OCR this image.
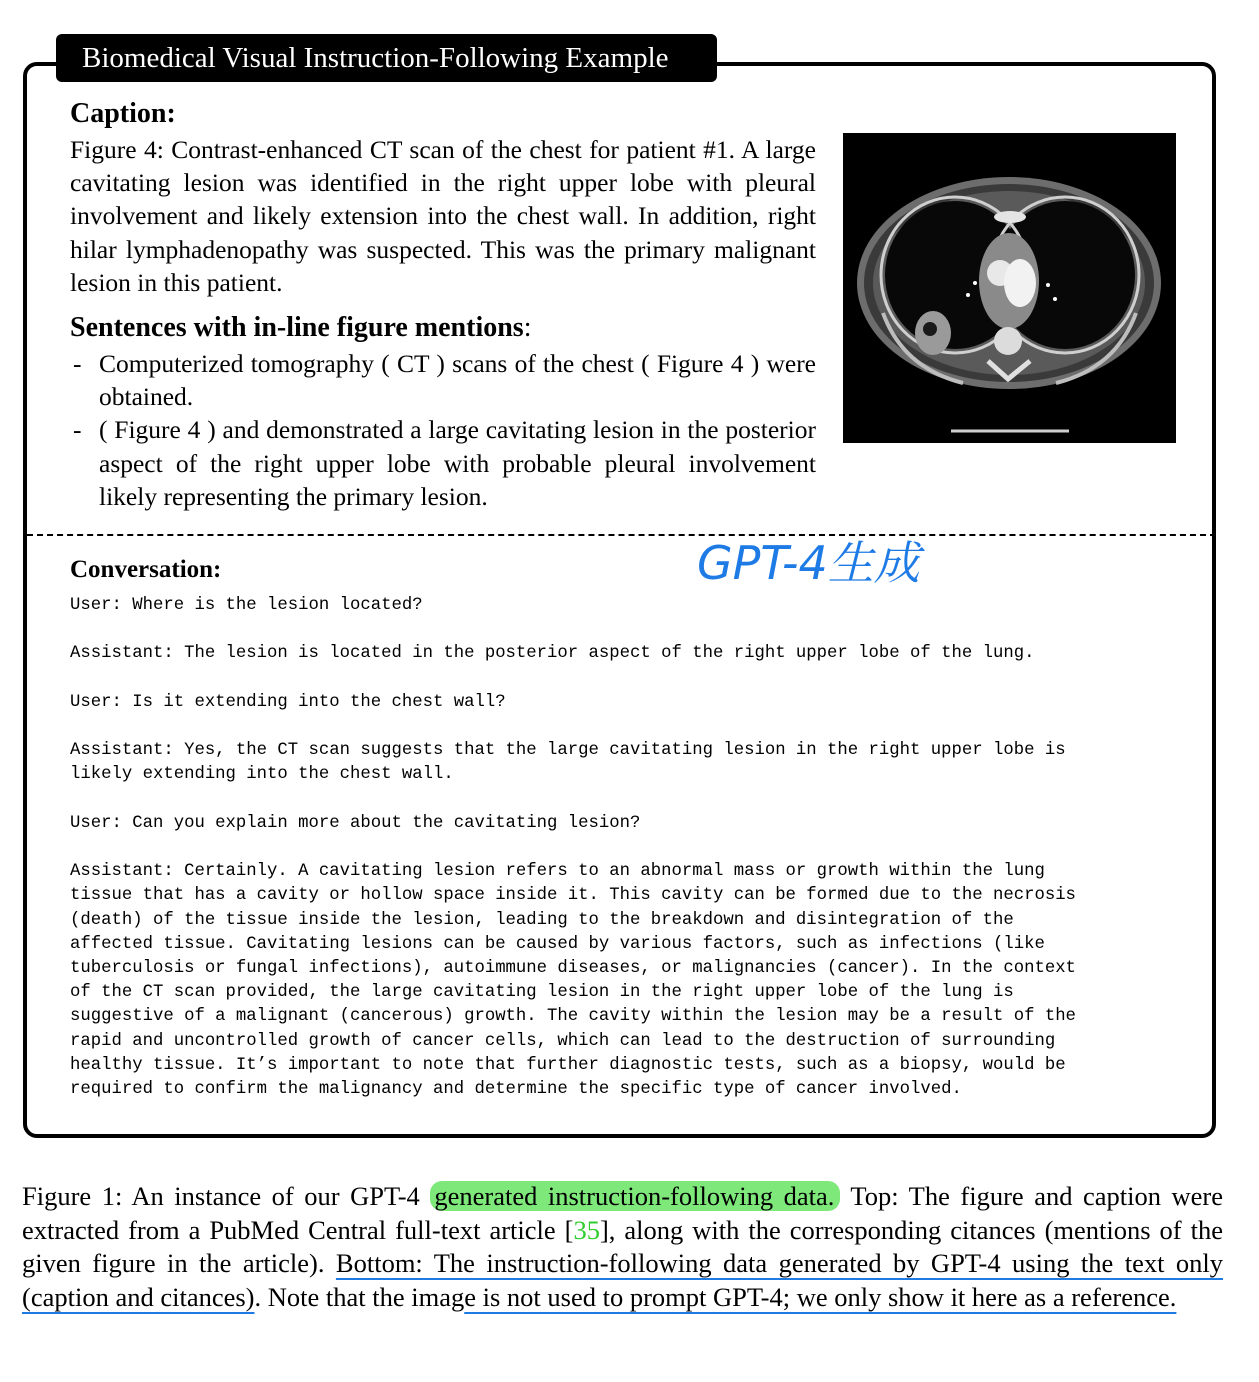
Biomedical Visual Instruction-Following Example
Caption:
Figure 4: Contrast-enhanced CT scan of the chest for patient #1. A large cavitating lesion was identified in the right upper lobe with pleural involvement and likely extension into the chest wall. In addition, right hilar lymphadenopathy was suspected. This was the primary malignant lesion in this patient.
Sentences with in-line figure mentions:
- Computerized tomography ( CT ) scans of the chest ( Figure 4 ) were obtained.
- ( Figure 4 ) and demonstrated a large cavitating lesion in the posterior aspect of the right upper lobe with probable pleural involvement likely representing the primary lesion.
GPT-4生成
Conversation:

User: Where is the lesion located?

Assistant: The lesion is located in the posterior aspect of the right upper lobe of the lung.

User: Is it extending into the chest wall?

Assistant: Yes, the CT scan suggests that the large cavitating lesion in the right upper lobe is
likely extending into the chest wall.

User: Can you explain more about the cavitating lesion?

Assistant: Certainly. A cavitating lesion refers to an abnormal mass or growth within the lung
tissue that has a cavity or hollow space inside it. This cavity can be formed due to the necrosis
(death) of the tissue inside the lesion, leading to the breakdown and disintegration of the
affected tissue. Cavitating lesions can be caused by various factors, such as infections (like
tuberculosis or fungal infections), autoimmune diseases, or malignancies (cancer). In the context
of the CT scan provided, the large cavitating lesion in the right upper lobe of the lung is
suggestive of a malignant (cancerous) growth. The cavity within the lesion may be a result of the
rapid and uncontrolled growth of cancer cells, which can lead to the destruction of surrounding
healthy tissue. It’s important to note that further diagnostic tests, such as a biopsy, would be
required to confirm the malignancy and determine the specific type of cancer involved.

Figure 1: An instance of our GPT-4 generated instruction-following data. Top: The figure and caption were extracted from a PubMed Central full-text article [35], along with the corresponding citances (mentions of the given figure in the article). Bottom: The instruction-following data generated by GPT-4 using the text only (caption and citances). Note that the image is not used to prompt GPT-4; we only show it here as a reference.
